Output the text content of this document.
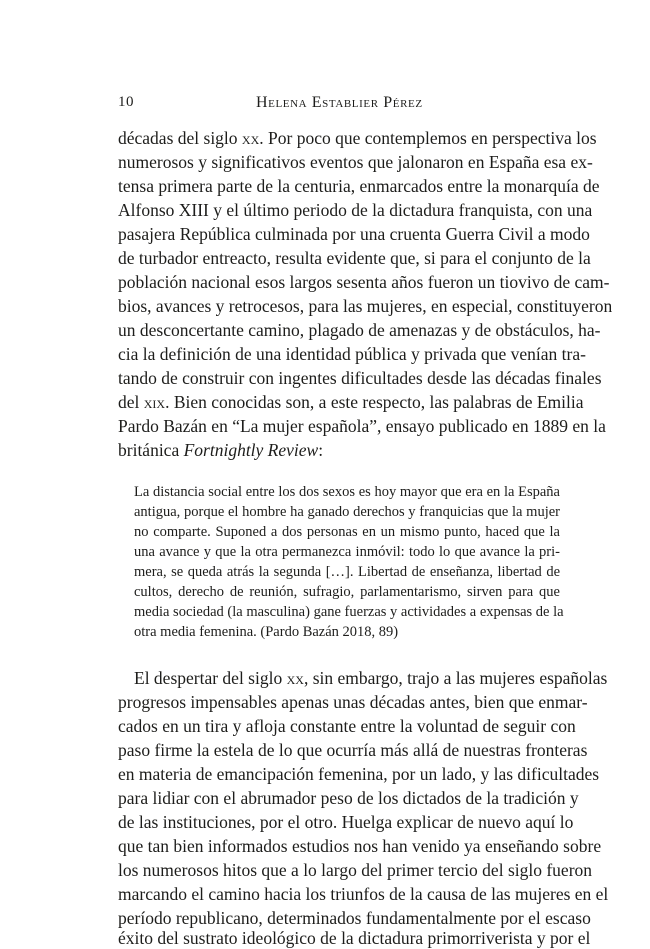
10	Helena Establier Pérez
décadas del siglo xx. Por poco que contemplemos en perspectiva los
numerosos y significativos eventos que jalonaron en España esa ex-
tensa primera parte de la centuria, enmarcados entre la monarquía de
Alfonso XIII y el último periodo de la dictadura franquista, con una
pasajera República culminada por una cruenta Guerra Civil a modo
de turbador entreacto, resulta evidente que, si para el conjunto de la
población nacional esos largos sesenta años fueron un tiovivo de cam-
bios, avances y retrocesos, para las mujeres, en especial, constituyeron
un desconcertante camino, plagado de amenazas y de obstáculos, ha-
cia la definición de una identidad pública y privada que venían tra-
tando de construir con ingentes dificultades desde las décadas finales
del xix. Bien conocidas son, a este respecto, las palabras de Emilia
Pardo Bazán en “La mujer española”, ensayo publicado en 1889 en la
británica Fortnightly Review:
La distancia social entre los dos sexos es hoy mayor que era en la España
antigua, porque el hombre ha ganado derechos y franquicias que la mujer
no comparte. Suponed a dos personas en un mismo punto, haced que la
una avance y que la otra permanezca inmóvil: todo lo que avance la pri-
mera, se queda atrás la segunda […]. Libertad de enseñanza, libertad de
cultos, derecho de reunión, sufragio, parlamentarismo, sirven para que
media sociedad (la masculina) gane fuerzas y actividades a expensas de la
otra media femenina. (Pardo Bazán 2018, 89)
El despertar del siglo xx, sin embargo, trajo a las mujeres españolas
progresos impensables apenas unas décadas antes, bien que enmar-
cados en un tira y afloja constante entre la voluntad de seguir con
paso firme la estela de lo que ocurría más allá de nuestras fronteras
en materia de emancipación femenina, por un lado, y las dificultades
para lidiar con el abrumador peso de los dictados de la tradición y
de las instituciones, por el otro. Huelga explicar de nuevo aquí lo
que tan bien informados estudios nos han venido ya enseñando sobre
los numerosos hitos que a lo largo del primer tercio del siglo fueron
marcando el camino hacia los triunfos de la causa de las mujeres en el
período republicano, determinados fundamentalmente por el escaso
éxito del sustrato ideológico de la dictadura primorriverista y por el
